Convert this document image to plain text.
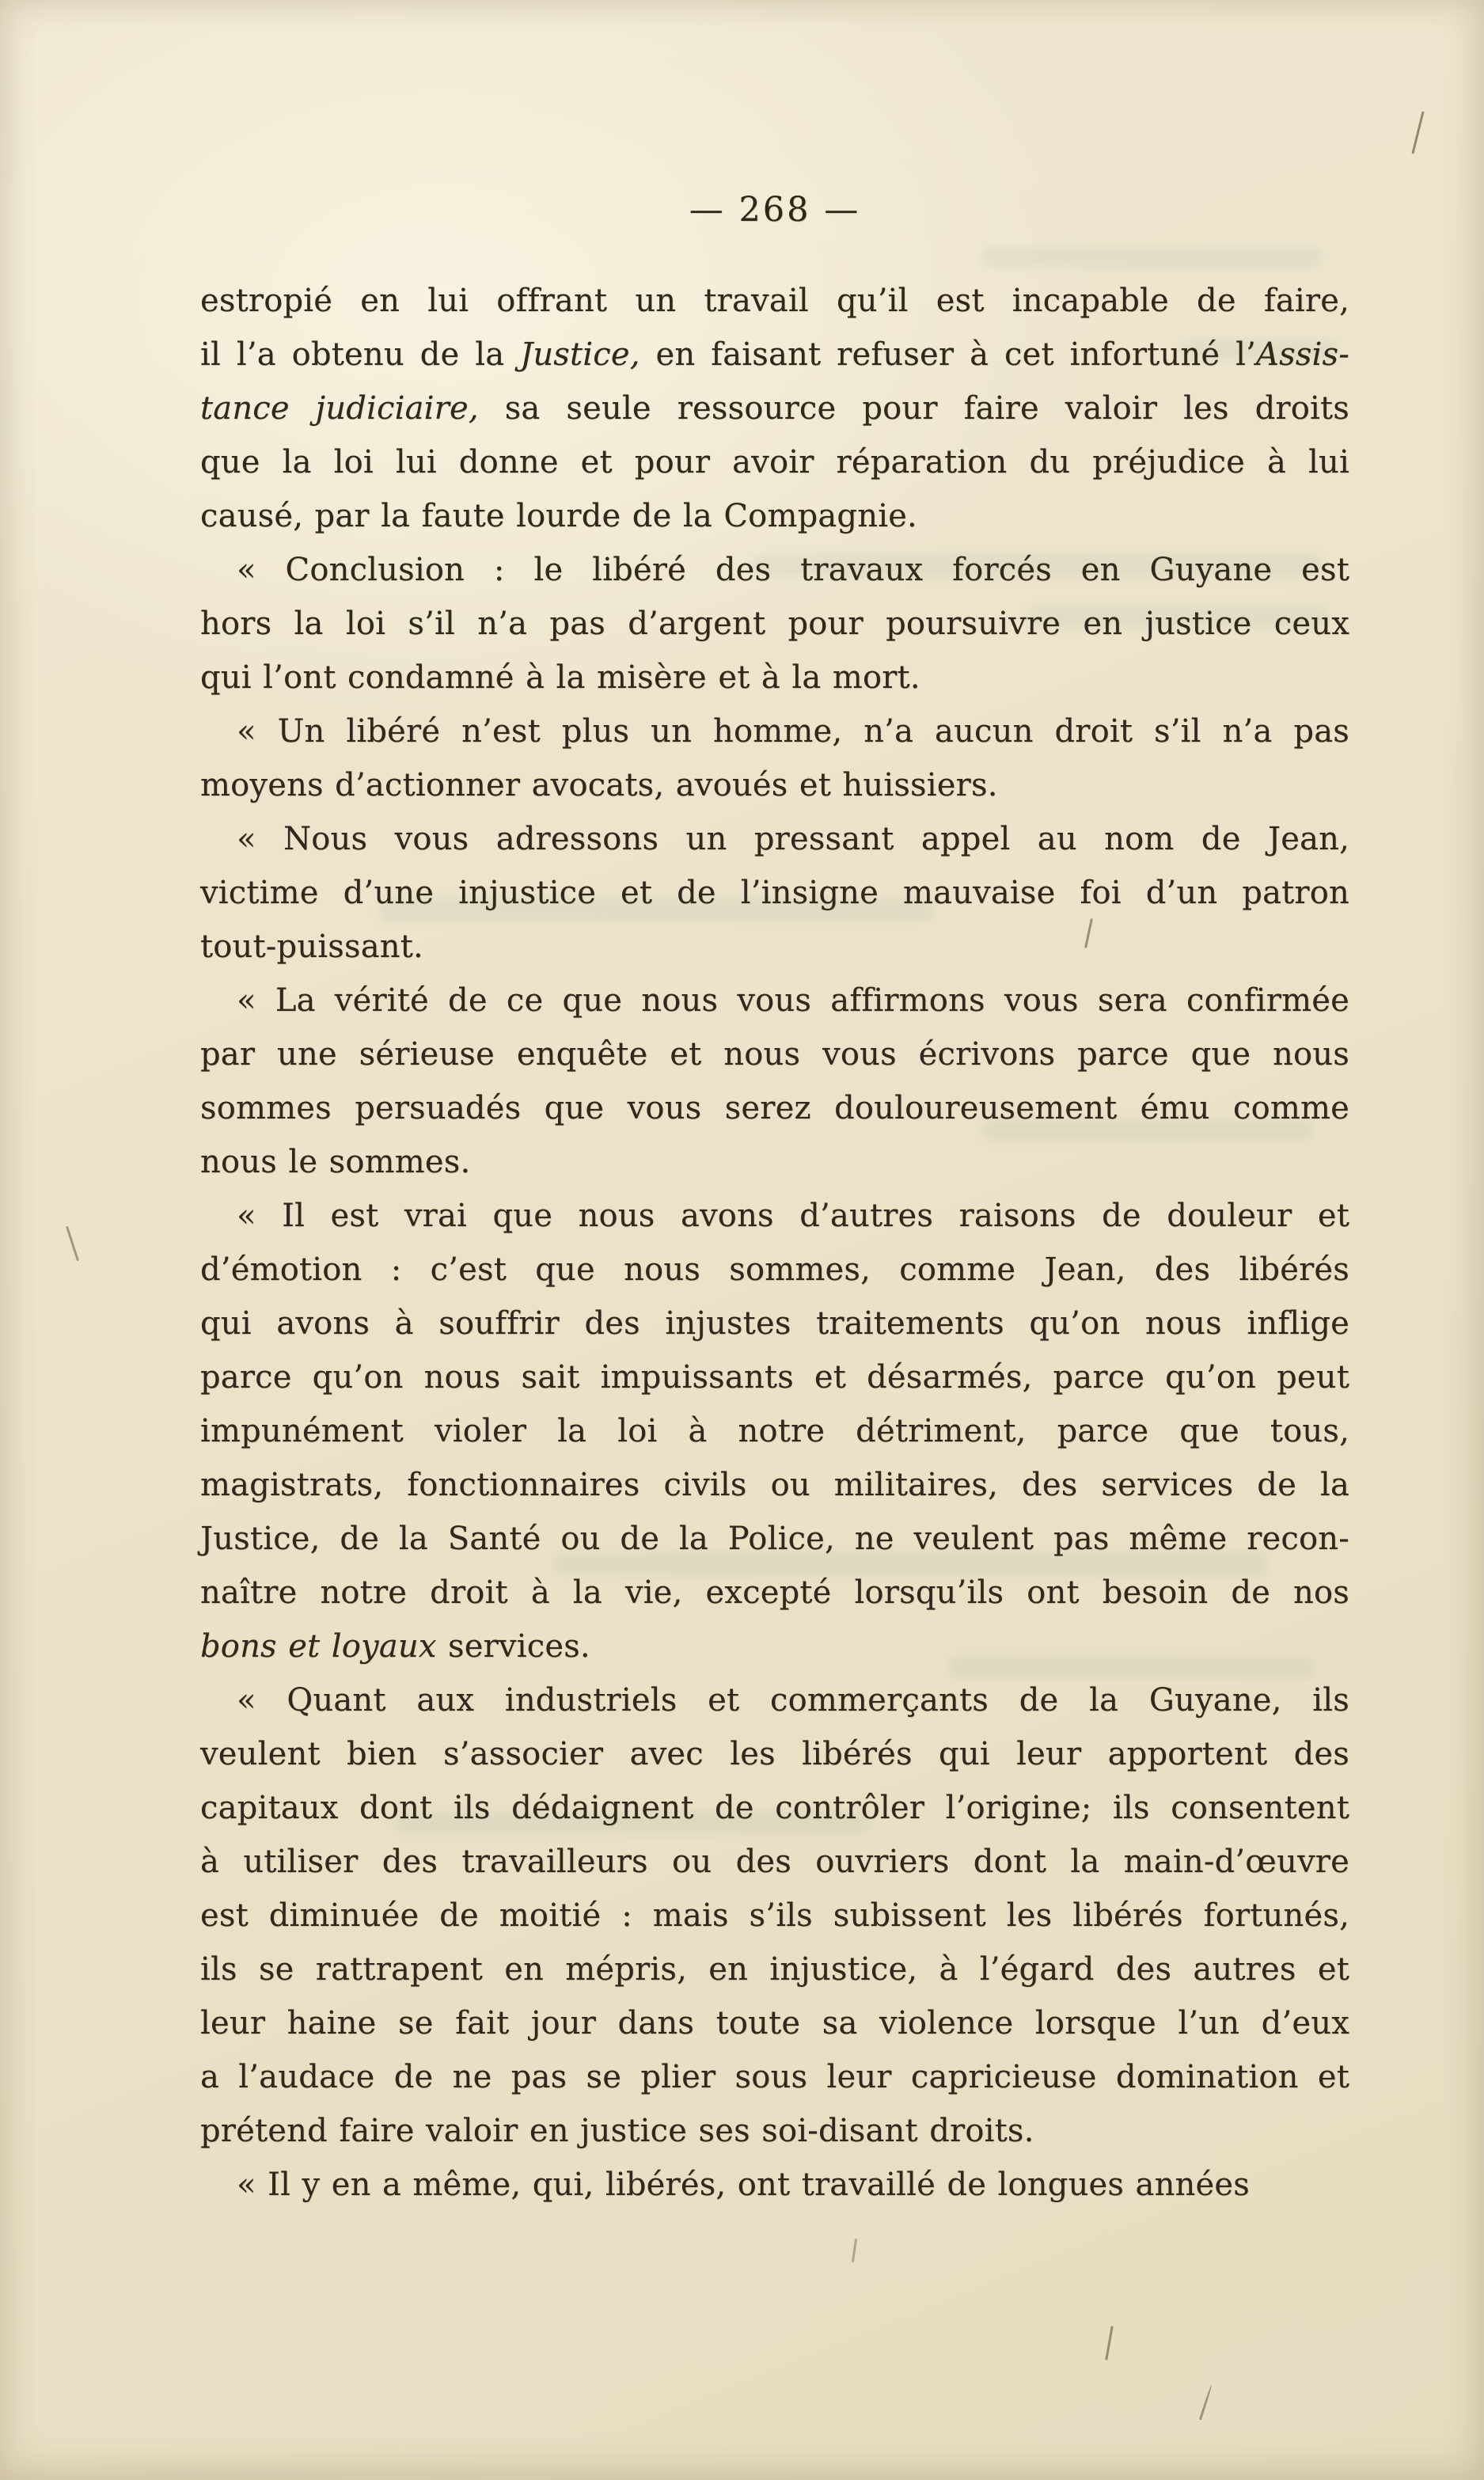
— 268 —
estropié en lui offrant un travail qu’il est incapable de faire,
il l’a obtenu de la Justice, en faisant refuser à cet infortuné l’Assis-
tance judiciaire, sa seule ressource pour faire valoir les droits
que la loi lui donne et pour avoir réparation du préjudice à lui
causé, par la faute lourde de la Compagnie.
« Conclusion : le libéré des travaux forcés en Guyane est
hors la loi s’il n’a pas d’argent pour poursuivre en justice ceux
qui l’ont condamné à la misère et à la mort.
« Un libéré n’est plus un homme, n’a aucun droit s’il n’a pas
moyens d’actionner avocats, avoués et huissiers.
« Nous vous adressons un pressant appel au nom de Jean,
victime d’une injustice et de l’insigne mauvaise foi d’un patron
tout-puissant.
« La vérité de ce que nous vous affirmons vous sera confirmée
par une sérieuse enquête et nous vous écrivons parce que nous
sommes persuadés que vous serez douloureusement ému comme
nous le sommes.
« Il est vrai que nous avons d’autres raisons de douleur et
d’émotion : c’est que nous sommes, comme Jean, des libérés
qui avons à souffrir des injustes traitements qu’on nous inflige
parce qu’on nous sait impuissants et désarmés, parce qu’on peut
impunément violer la loi à notre détriment, parce que tous,
magistrats, fonctionnaires civils ou militaires, des services de la
Justice, de la Santé ou de la Police, ne veulent pas même recon-
naître notre droit à la vie, excepté lorsqu’ils ont besoin de nos
bons et loyaux services.
« Quant aux industriels et commerçants de la Guyane, ils
veulent bien s’associer avec les libérés qui leur apportent des
capitaux dont ils dédaignent de contrôler l’origine; ils consentent
à utiliser des travailleurs ou des ouvriers dont la main-d’œuvre
est diminuée de moitié : mais s’ils subissent les libérés fortunés,
ils se rattrapent en mépris, en injustice, à l’égard des autres et
leur haine se fait jour dans toute sa violence lorsque l’un d’eux
a l’audace de ne pas se plier sous leur capricieuse domination et
prétend faire valoir en justice ses soi-disant droits.
« Il y en a même, qui, libérés, ont travaillé de longues années
